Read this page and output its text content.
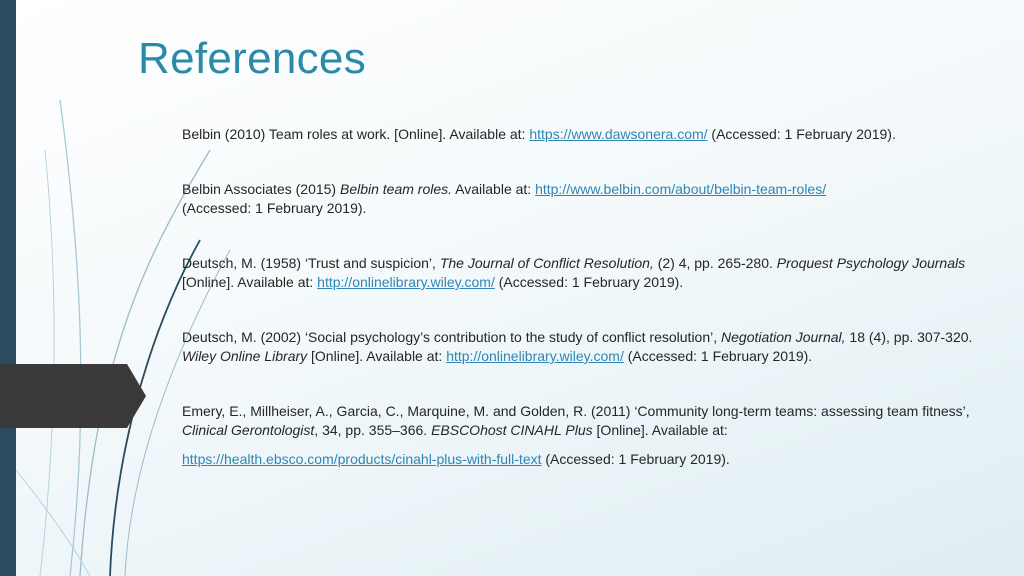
References

Belbin (2010) Team roles at work. [Online]. Available at: https://www.dawsonera.com/ (Accessed: 1 February 2019).

Belbin Associates (2015) Belbin team roles. Available at: http://www.belbin.com/about/belbin-team-roles/
(Accessed: 1 February 2019).

Deutsch, M. (1958) ‘Trust and suspicion’, The Journal of Conflict Resolution, (2) 4, pp. 265-280. Proquest Psychology Journals [Online]. Available at: http://onlinelibrary.wiley.com/ (Accessed: 1 February 2019).

Deutsch, M. (2002) ‘Social psychology’s contribution to the study of conflict resolution’, Negotiation Journal, 18 (4), pp. 307-320. Wiley Online Library [Online]. Available at: http://onlinelibrary.wiley.com/ (Accessed: 1 February 2019).

Emery, E., Millheiser, A., Garcia, C., Marquine, M. and Golden, R. (2011) ‘Community long-term teams: assessing team fitness’, Clinical Gerontologist, 34, pp. 355–366. EBSCOhost CINAHL Plus [Online]. Available at:
https://health.ebsco.com/products/cinahl-plus-with-full-text (Accessed: 1 February 2019).
